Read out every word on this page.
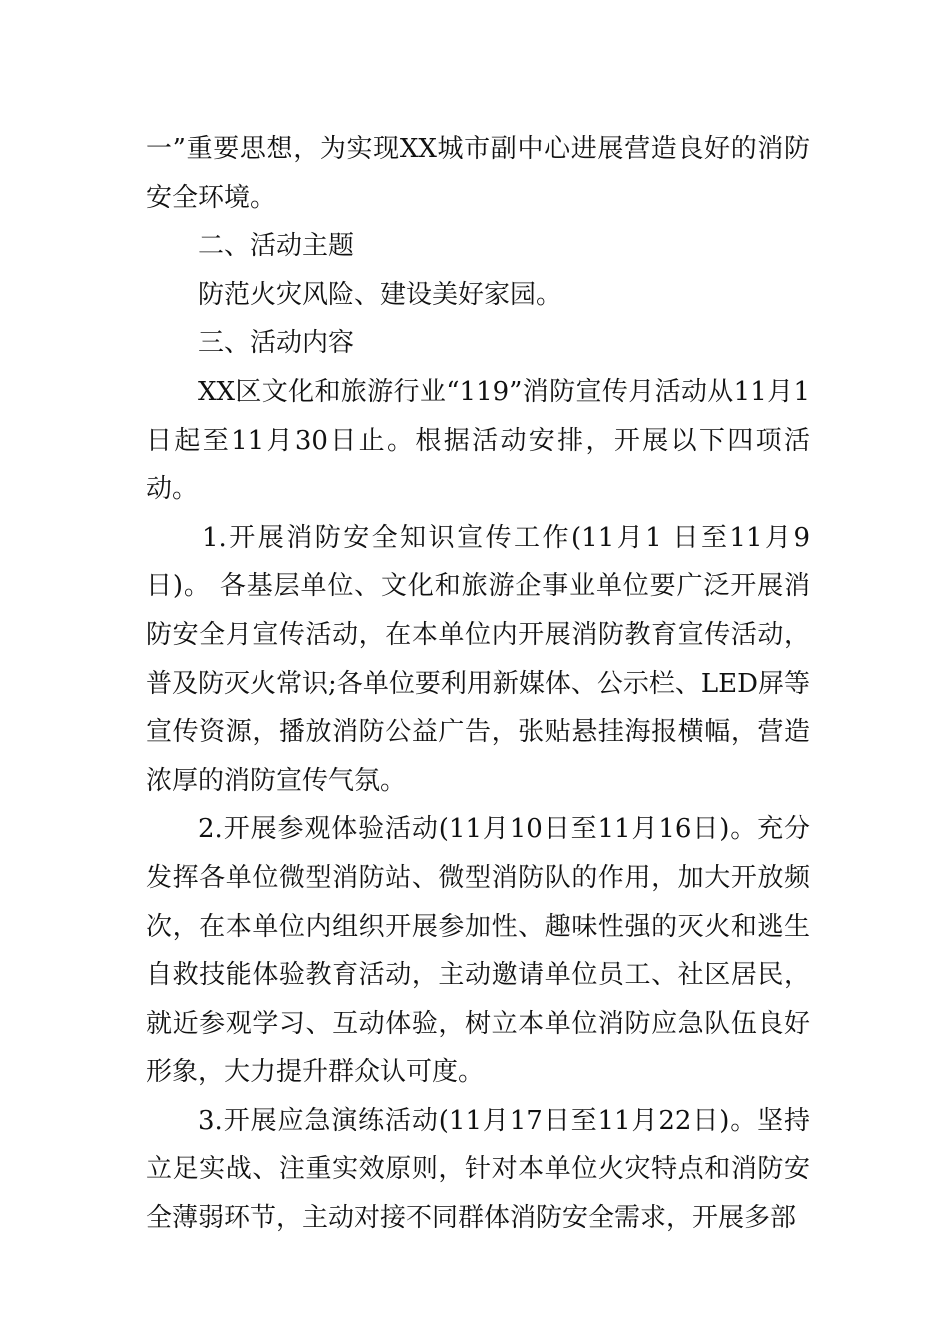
一”重要思想，为实现XX城市副中心进展营造良好的消防安全环境。

二、活动主题

防范火灾风险、建设美好家园。

三、活动内容

XX区文化和旅游行业“119”消防宣传月活动从11月1日起至11月30日止。根据活动安排，开展以下四项活动。

1.开展消防安全知识宣传工作(11月1 日至11月9日)。 各基层单位、文化和旅游企事业单位要广泛开展消防安全月宣传活动，在本单位内开展消防教育宣传活动，普及防灭火常识;各单位要利用新媒体、公示栏、LED屏等宣传资源，播放消防公益广告，张贴悬挂海报横幅，营造浓厚的消防宣传气氛。

2.开展参观体验活动(11月10日至11月16日)。充分发挥各单位微型消防站、微型消防队的作用，加大开放频次，在本单位内组织开展参加性、趣味性强的灭火和逃生自救技能体验教育活动，主动邀请单位员工、社区居民，就近参观学习、互动体验，树立本单位消防应急队伍良好形象，大力提升群众认可度。

3.开展应急演练活动(11月17日至11月22日)。坚持立足实战、注重实效原则，针对本单位火灾特点和消防安全薄弱环节，主动对接不同群体消防安全需求，开展多部
